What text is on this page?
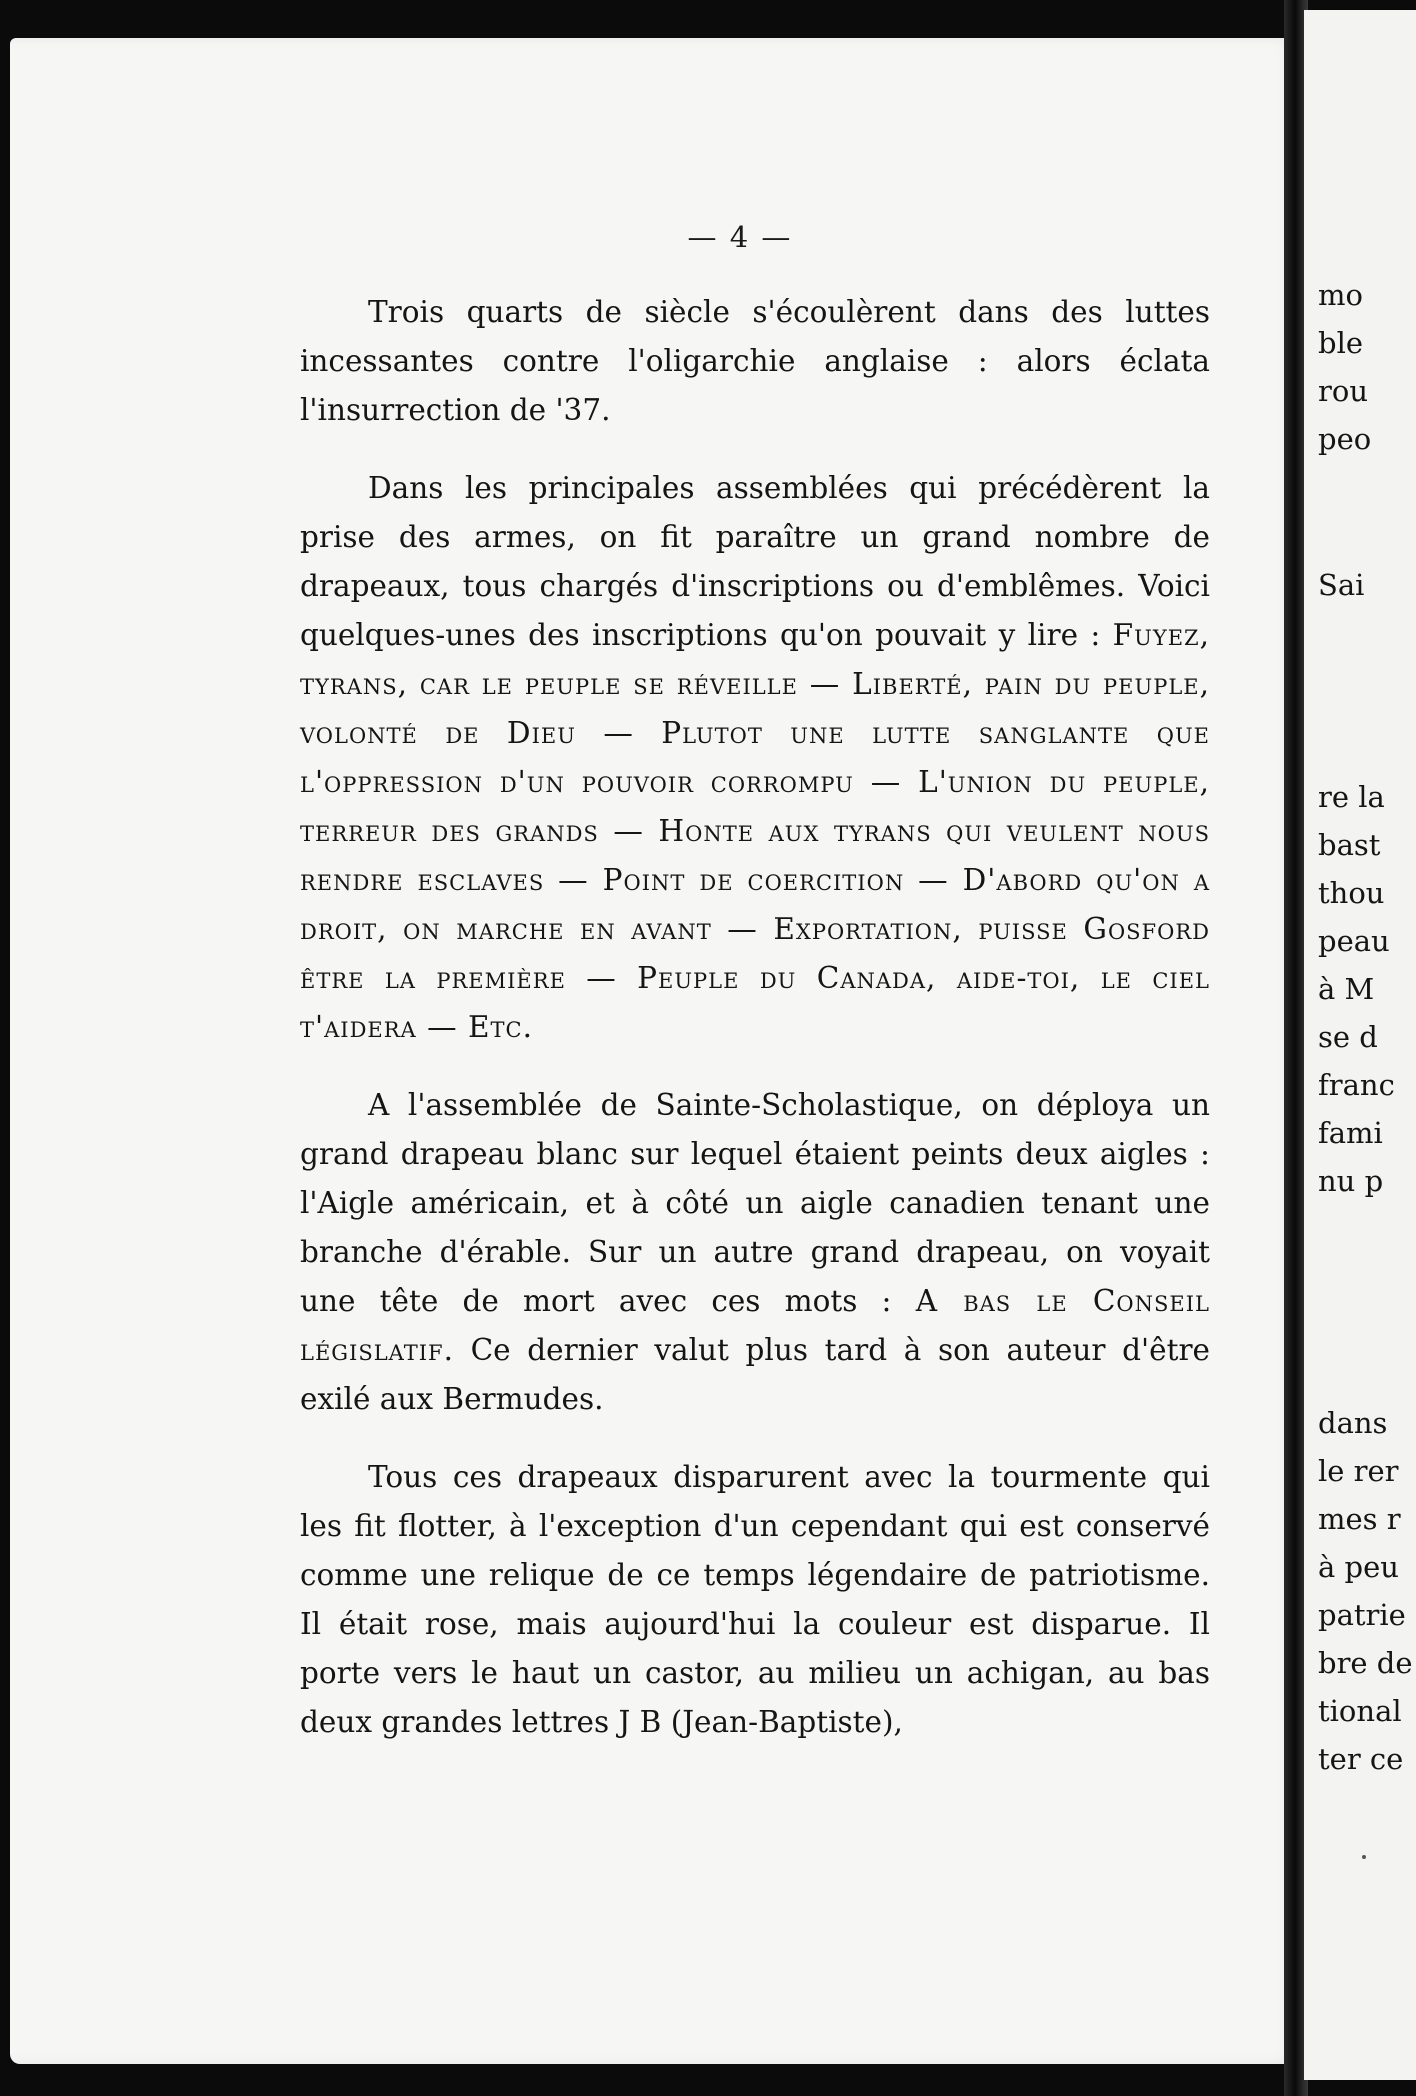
mo
ble
rou
peo
Sai
re la
bast
thou
peau
à M
se d
franc
fami
nu p
dans
le rer
mes r
à peu
patrie
bre de
tional
ter ce
— 4 —

Trois quarts de siècle s'écoulèrent dans des luttes incessantes contre l'oligarchie anglaise : alors éclata l'insurrection de '37.

Dans les principales assemblées qui précédèrent la prise des armes, on fit paraître un grand nombre de drapeaux, tous chargés d'inscriptions ou d'emblêmes. Voici quelques-unes des inscriptions qu'on pouvait y lire : Fuyez, tyrans, car le peuple se réveille — Liberté, pain du peuple, volonté de Dieu — Plutot une lutte sanglante que l'oppression d'un pouvoir corrompu — L'union du peuple, terreur des grands — Honte aux tyrans qui veulent nous rendre esclaves — Point de coercition — D'abord qu'on a droit, on marche en avant — Exportation, puisse Gosford être la première — Peuple du Canada, aide-toi, le ciel t'aidera — Etc.

A l'assemblée de Sainte-Scholastique, on déploya un grand drapeau blanc sur lequel étaient peints deux aigles : l'Aigle américain, et à côté un aigle canadien tenant une branche d'érable. Sur un autre grand drapeau, on voyait une tête de mort avec ces mots : A bas le Conseil législatif. Ce dernier valut plus tard à son auteur d'être exilé aux Bermudes.

Tous ces drapeaux disparurent avec la tourmente qui les fit flotter, à l'exception d'un cependant qui est conservé comme une relique de ce temps légendaire de patriotisme. Il était rose, mais aujourd'hui la couleur est disparue. Il porte vers le haut un castor, au milieu un achigan, au bas deux grandes lettres J B (Jean-Baptiste),
